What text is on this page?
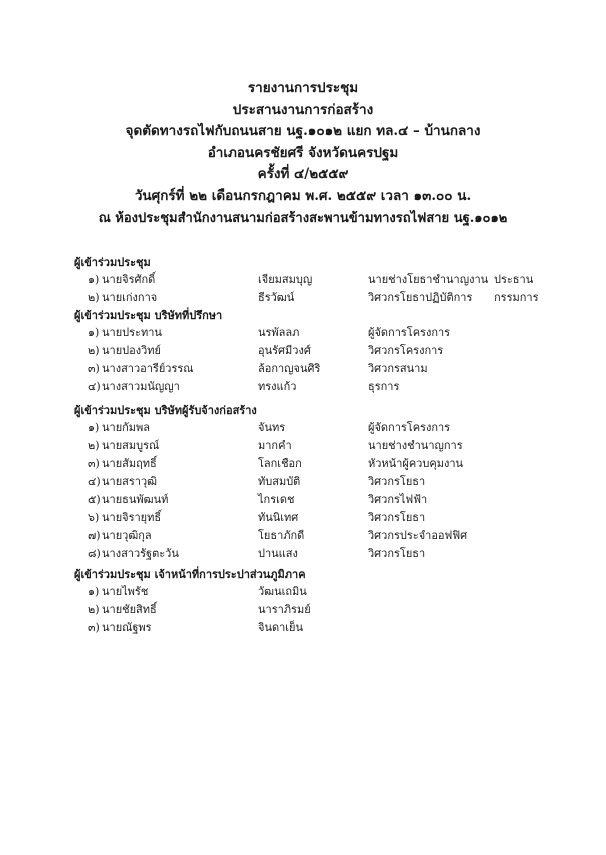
รายงานการประชุม
ประสานงานการก่อสร้าง
จุดตัดทางรถไฟกับถนนสาย นฐ.๑๐๑๒ แยก ทล.๔ – บ้านกลาง
อำเภอนครชัยศรี จังหวัดนครปฐม
ครั้งที่ ๔/๒๕๕๙
วันศุกร์ที่ ๒๒ เดือนกรกฎาคม พ.ศ. ๒๕๕๙ เวลา ๑๓.๐๐ น.
ณ ห้องประชุมสำนักงานสนามก่อสร้างสะพานข้ามทางรถไฟสาย นฐ.๑๐๑๒
ผู้เข้าร่วมประชุม
๑) นายจิรศักดิ์	เจียมสมบุญ	นายช่างโยธาชำนาญงาน ประธาน
๒) นายเก่งกาจ	ธีรวัฒน์	วิศวกรโยธาปฏิบัติการ กรรมการ
ผู้เข้าร่วมประชุม บริษัทที่ปรึกษา
๑) นายประทาน	นรพัลลภ	ผู้จัดการโครงการ
๒) นายปองวิทย์	อุนรัศมีวงศ์	วิศวกรโครงการ
๓) นางสาวอารีย์วรรณ	ล้อกาญจนศิริ	วิศวกรสนาม
๔) นางสาวมนัญญา	ทรงแก้ว	ธุรการ
ผู้เข้าร่วมประชุม บริษัทผู้รับจ้างก่อสร้าง
๑) นายกัมพล	จันทร	ผู้จัดการโครงการ
๒) นายสมบูรณ์	มากคำ	นายช่างชำนาญการ
๓) นายสัมฤทธิ์	โลกเชือก	หัวหน้าผู้ควบคุมงาน
๔) นายสราวุฒิ	ทับสมบัติ	วิศวกรโยธา
๕) นายธนพัฒนท์	ไกรเดช	วิศวกรไฟฟ้า
๖) นายจิรายุทธิ์	ทันนิเทศ	วิศวกรโยธา
๗) นายวุฒิกุล	โยธาภักดี	วิศวกรประจำออฟฟิศ
๘) นางสาวรัฐตะวัน	ปานแสง	วิศวกรโยธา
ผู้เข้าร่วมประชุม เจ้าหน้าที่การประปาส่วนภูมิภาค
๑) นายไพรัช	วัฒนเถมิน
๒) นายชัยสิทธิ์	นาราภิรมย์
๓) นายณัฐพร	จินดาเย็น
